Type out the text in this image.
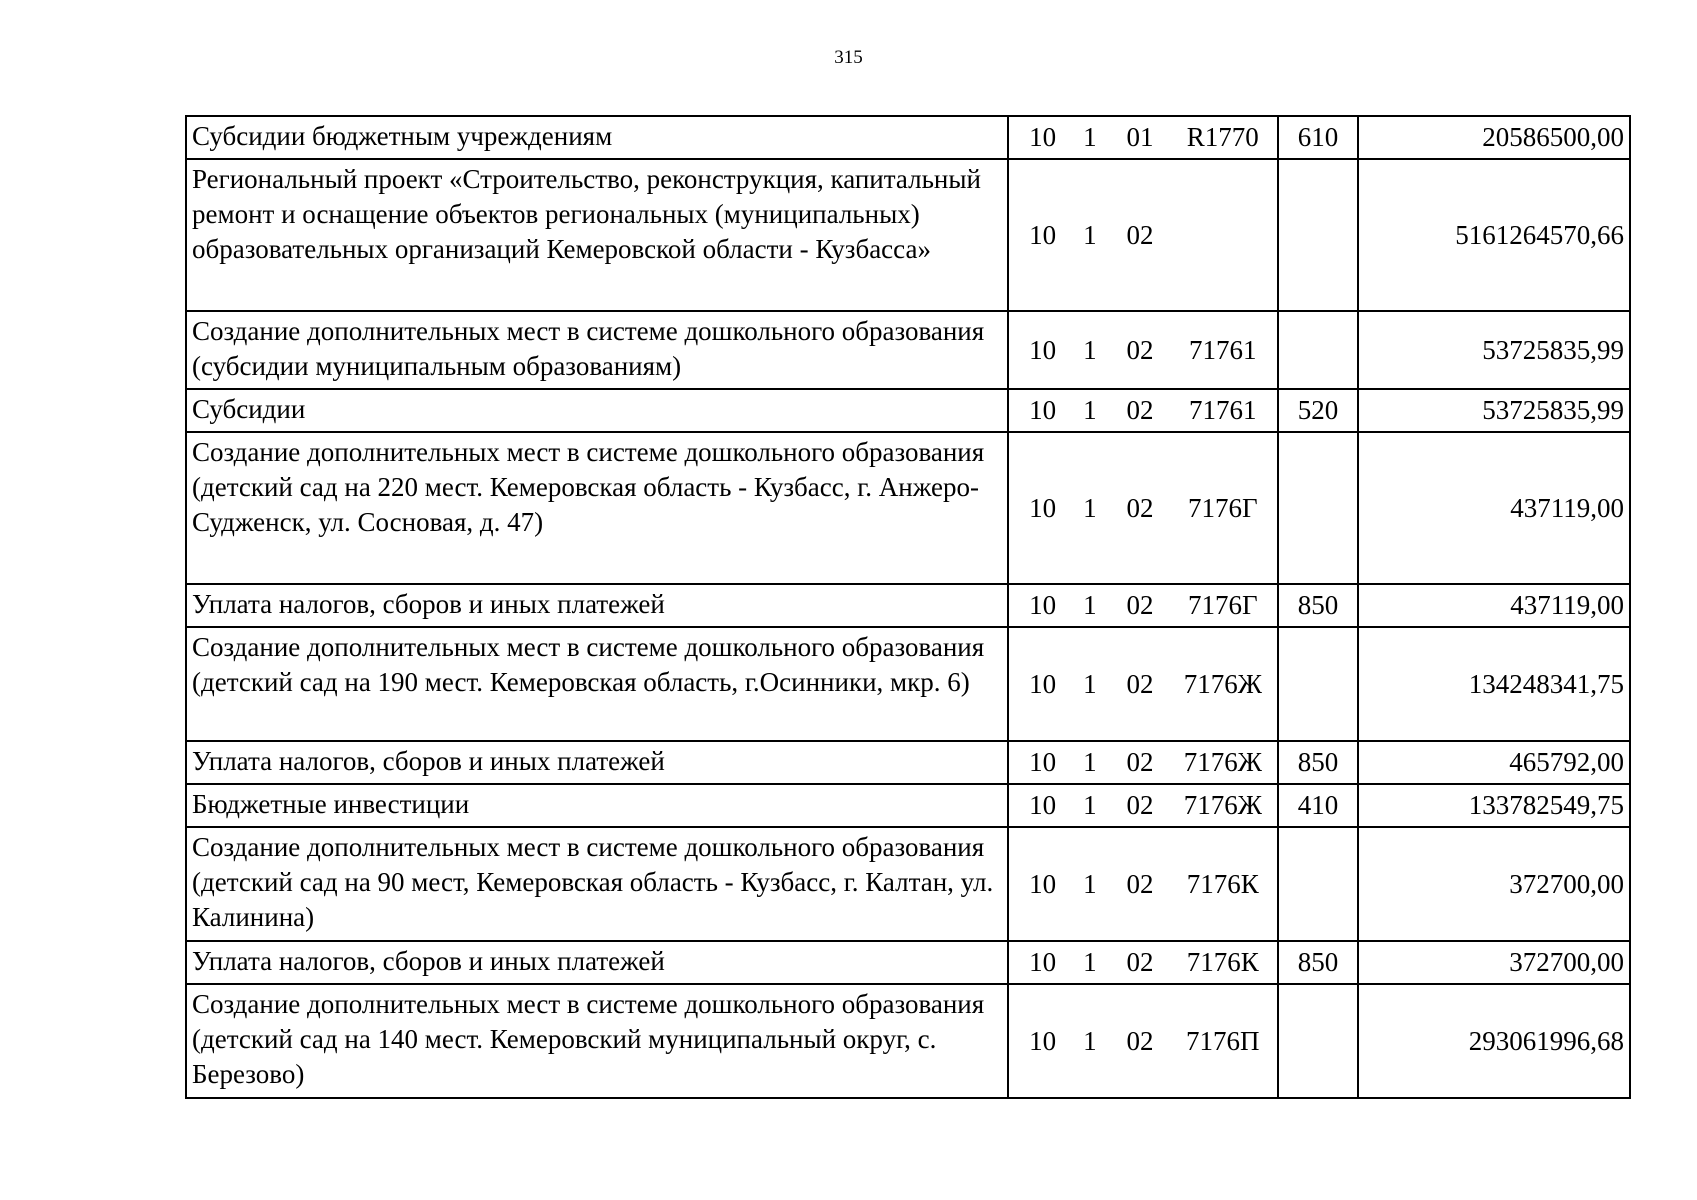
315
Субсидии бюджетным учреждениям	10 1 01 R1770	610	20586500,00
Региональный проект «Строительство, реконструкция, капитальный ремонт и оснащение объектов региональных (муниципальных) образовательных организаций Кемеровской области - Кузбасса»	10 1 02		5161264570,66
Создание дополнительных мест в системе дошкольного образования (субсидии муниципальным образованиям)	10 1 02 71761		53725835,99
Субсидии	10 1 02 71761	520	53725835,99
Создание дополнительных мест в системе дошкольного образования (детский сад на 220 мест. Кемеровская область - Кузбасс, г. Анжеро-Судженск, ул. Сосновая, д. 47)	10 1 02 7176Г		437119,00
Уплата налогов, сборов и иных платежей	10 1 02 7176Г	850	437119,00
Создание дополнительных мест в системе дошкольного образования (детский сад на 190 мест. Кемеровская область, г.Осинники, мкр. 6)	10 1 02 7176Ж		134248341,75
Уплата налогов, сборов и иных платежей	10 1 02 7176Ж	850	465792,00
Бюджетные инвестиции	10 1 02 7176Ж	410	133782549,75
Создание дополнительных мест в системе дошкольного образования (детский сад на 90 мест, Кемеровская область - Кузбасс, г. Калтан, ул. Калинина)	10 1 02 7176К		372700,00
Уплата налогов, сборов и иных платежей	10 1 02 7176К	850	372700,00
Создание дополнительных мест в системе дошкольного образования (детский сад на 140 мест. Кемеровский муниципальный округ, с. Березово)	10 1 02 7176П		293061996,68
